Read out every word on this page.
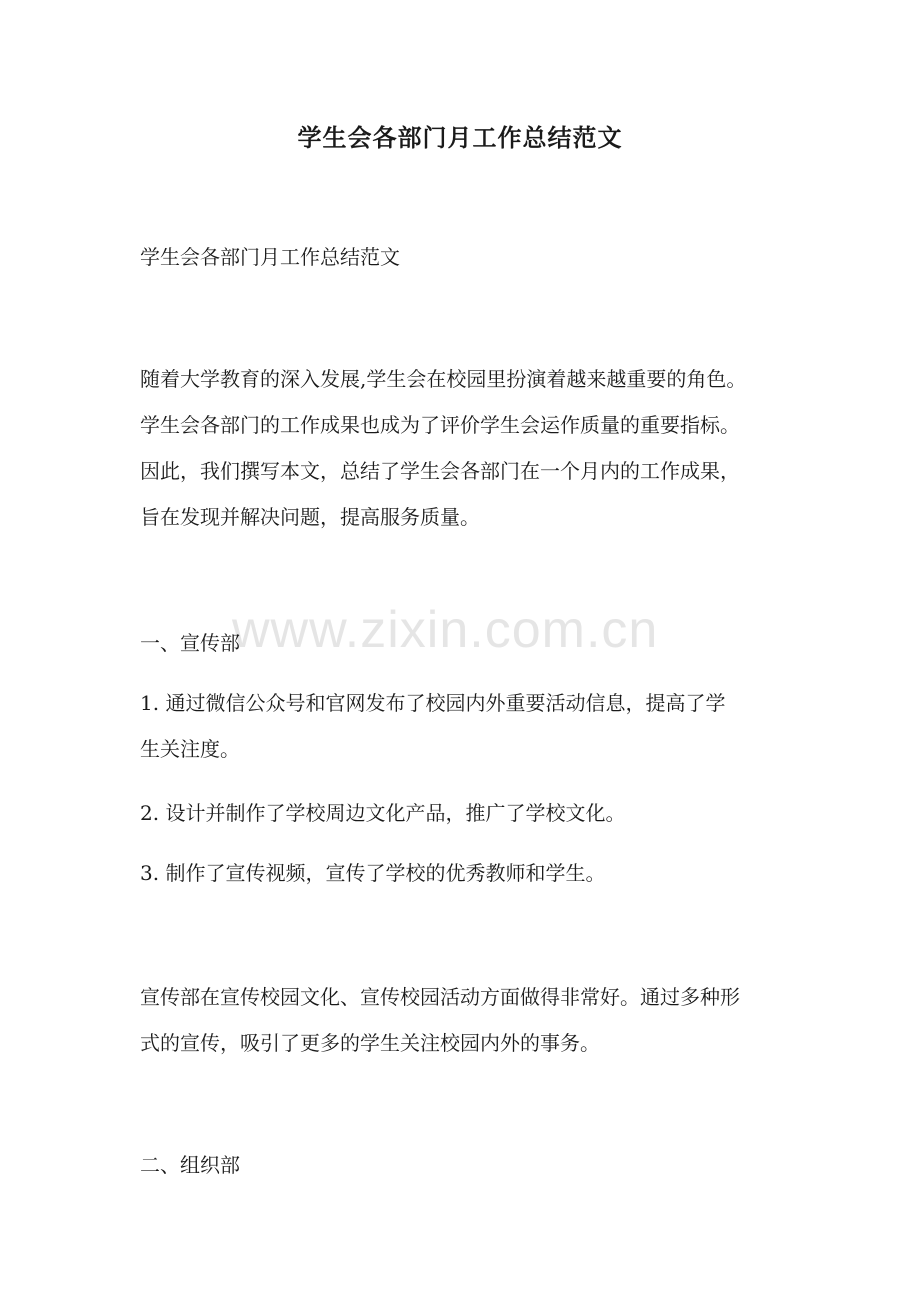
学生会各部门月工作总结范文
学生会各部门月工作总结范文
随着大学教育的深入发展,学生会在校园里扮演着越来越重要的角色。
学生会各部门的工作成果也成为了评价学生会运作质量的重要指标。
因此，我们撰写本文，总结了学生会各部门在一个月内的工作成果，
旨在发现并解决问题，提高服务质量。
www.zixin.com.cn
一、宣传部
1. 通过微信公众号和官网发布了校园内外重要活动信息，提高了学
生关注度。
2. 设计并制作了学校周边文化产品，推广了学校文化。
3. 制作了宣传视频，宣传了学校的优秀教师和学生。
宣传部在宣传校园文化、宣传校园活动方面做得非常好。通过多种形
式的宣传，吸引了更多的学生关注校园内外的事务。
二、组织部
